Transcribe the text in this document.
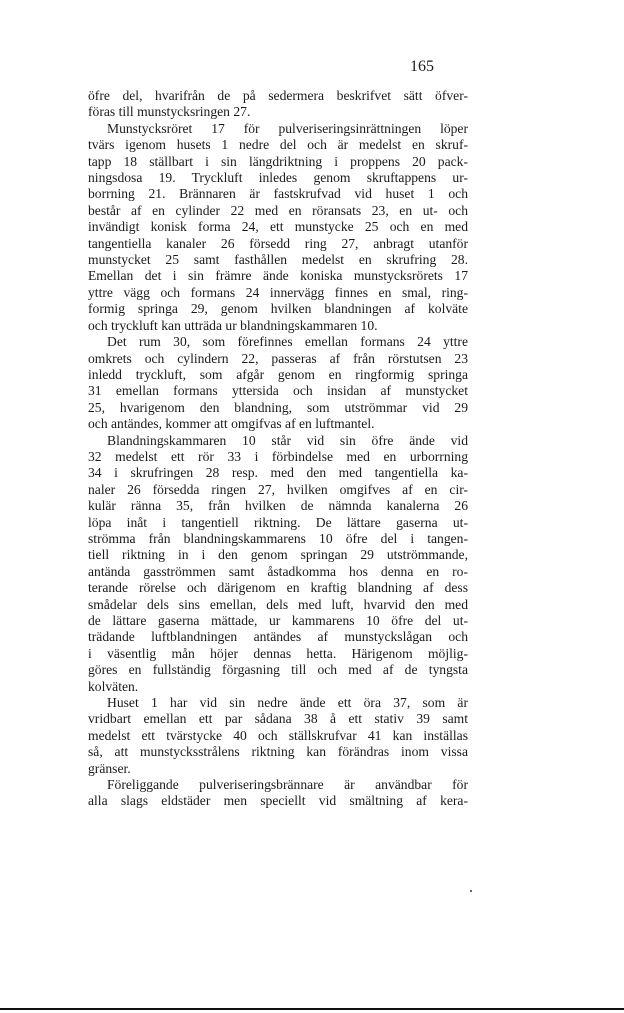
165
öfre del, hvarifrån de på sedermera beskrifvet sätt öfver-
föras till munstycksringen 27.
Munstycksröret 17 för pulveriseringsinrättningen löper
tvärs igenom husets 1 nedre del och är medelst en skruf-
tapp 18 ställbart i sin längdriktning i proppens 20 pack-
ningsdosa 19. Tryckluft inledes genom skruftappens ur-
borrning 21. Brännaren är fastskrufvad vid huset 1 och
består af en cylinder 22 med en röransats 23, en ut- och
invändigt konisk forma 24, ett munstycke 25 och en med
tangentiella kanaler 26 försedd ring 27, anbragt utanför
munstycket 25 samt fasthållen medelst en skrufring 28.
Emellan det i sin främre ände koniska munstycksrörets 17
yttre vägg och formans 24 innervägg finnes en smal, ring-
formig springa 29, genom hvilken blandningen af kolväte
och tryckluft kan utträda ur blandningskammaren 10.
Det rum 30, som förefinnes emellan formans 24 yttre
omkrets och cylindern 22, passeras af från rörstutsen 23
inledd tryckluft, som afgår genom en ringformig springa
31 emellan formans yttersida och insidan af munstycket
25, hvarigenom den blandning, som utströmmar vid 29
och antändes, kommer att omgifvas af en luftmantel.
Blandningskammaren 10 står vid sin öfre ände vid
32 medelst ett rör 33 i förbindelse med en urborrning
34 i skrufringen 28 resp. med den med tangentiella ka-
naler 26 försedda ringen 27, hvilken omgifves af en cir-
kulär ränna 35, från hvilken de nämnda kanalerna 26
löpa inåt i tangentiell riktning. De lättare gaserna ut-
strömma från blandningskammarens 10 öfre del i tangen-
tiell riktning in i den genom springan 29 utströmmande,
antända gasströmmen samt åstadkomma hos denna en ro-
terande rörelse och därigenom en kraftig blandning af dess
smådelar dels sins emellan, dels med luft, hvarvid den med
de lättare gaserna mättade, ur kammarens 10 öfre del ut-
trädande luftblandningen antändes af munstyckslågan och
i väsentlig mån höjer dennas hetta. Härigenom möjlig-
göres en fullständig förgasning till och med af de tyngsta
kolväten.
Huset 1 har vid sin nedre ände ett öra 37, som är
vridbart emellan ett par sådana 38 å ett stativ 39 samt
medelst ett tvärstycke 40 och ställskrufvar 41 kan inställas
så, att munstycksstrålens riktning kan förändras inom vissa
gränser.
Föreliggande pulveriseringsbrännare är användbar för
alla slags eldstäder men speciellt vid smältning af kera-
